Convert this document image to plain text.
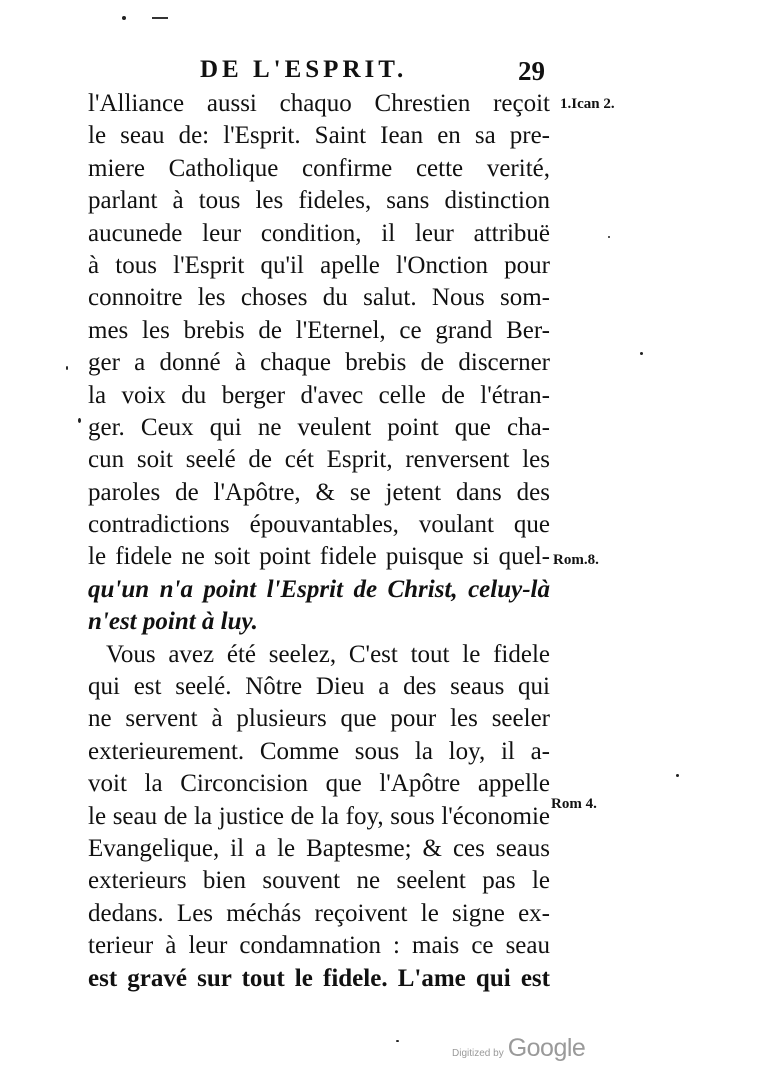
DE L'ESPRIT.	29
l'Alliance aussi chaquo Chrestien reçoit
le seau de: l'Esprit. Saint Iean en sa pre-
miere Catholique confirme cette verité,
parlant à tous les fideles, sans distinction
aucunede leur condition, il leur attribuë
à tous l'Esprit qu'il apelle l'Onction pour
connoitre les choses du salut. Nous som-
mes les brebis de l'Eternel, ce grand Ber-
ger a donné à chaque brebis de discerner
la voix du berger d'avec celle de l'étran-
ger. Ceux qui ne veulent point que cha-
cun soit seelé de cét Esprit, renversent les
paroles de l'Apôtre, & se jetent dans des
contradictions épouvantables, voulant que
le fidele ne soit point fidele puisque si quel-
qu'un n'a point l'Esprit de Christ, celuy-là
n'est point à luy.
Vous avez été seelez, C'est tout le fidele
qui est seelé. Nôtre Dieu a des seaus qui
ne servent à plusieurs que pour les seeler
exterieurement. Comme sous la loy, il a-
voit la Circoncision que l'Apôtre appelle
le seau de la justice de la foy, sous l'économie
Evangelique, il a le Baptesme; & ces seaus
exterieurs bien souvent ne seelent pas le
dedans. Les méchás reçoivent le signe ex-
terieur à leur condamnation : mais ce seau
est gravé sur tout le fidele. L'ame qui est
1.Ican 2.
Rom.8.
Rom 4.
Digitized by Google
